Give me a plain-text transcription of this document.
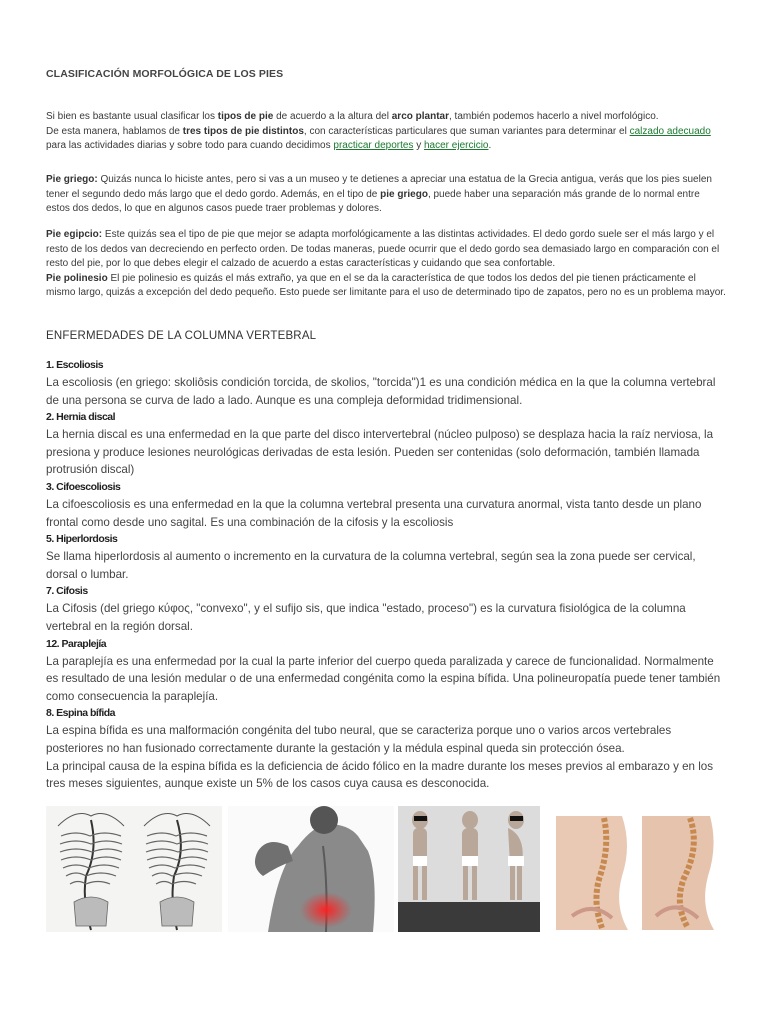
CLASIFICACIÓN MORFOLÓGICA DE LOS PIES
Si bien es bastante usual clasificar los tipos de pie de acuerdo a la altura del arco plantar, también podemos hacerlo a nivel morfológico.
De esta manera, hablamos de tres tipos de pie distintos, con características particulares que suman variantes para determinar el calzado adecuado para las actividades diarias y sobre todo para cuando decidimos practicar deportes y hacer ejercicio.
Pie griego: Quizás nunca lo hiciste antes, pero si vas a un museo y te detienes a apreciar una estatua de la Grecia antigua, verás que los pies suelen tener el segundo dedo más largo que el dedo gordo. Además, en el tipo de pie griego, puede haber una separación más grande de lo normal entre estos dos dedos, lo que en algunos casos puede traer problemas y dolores.
Pie egipcio: Este quizás sea el tipo de pie que mejor se adapta morfológicamente a las distintas actividades. El dedo gordo suele ser el más largo y el resto de los dedos van decreciendo en perfecto orden. De todas maneras, puede ocurrir que el dedo gordo sea demasiado largo en comparación con el resto del pie, por lo que debes elegir el calzado de acuerdo a estas características y cuidando que sea confortable.
Pie polinesio El pie polinesio es quizás el más extraño, ya que en el se da la característica de que todos los dedos del pie tienen prácticamente el mismo largo, quizás a excepción del dedo pequeño. Esto puede ser limitante para el uso de determinado tipo de zapatos, pero no es un problema mayor.
ENFERMEDADES DE LA COLUMNA VERTEBRAL
1. Escoliosis
La escoliosis (en griego: skoliôsis condición torcida, de skolios, "torcida")1 es una condición médica en la que la columna vertebral de una persona se curva de lado a lado. Aunque es una compleja deformidad tridimensional.
2. Hernia discal
La hernia discal es una enfermedad en la que parte del disco intervertebral (núcleo pulposo) se desplaza hacia la raíz nerviosa, la presiona y produce lesiones neurológicas derivadas de esta lesión. Pueden ser contenidas (solo deformación, también llamada protrusión discal)
3. Cifoescoliosis
La cifoescoliosis es una enfermedad en la que la columna vertebral presenta una curvatura anormal, vista tanto desde un plano frontal como desde uno sagital. Es una combinación de la cifosis y la escoliosis
5. Hiperlordosis
Se llama hiperlordosis al aumento o incremento en la curvatura de la columna vertebral, según sea la zona puede ser cervical, dorsal o lumbar.
7. Cifosis
La Cifosis (del griego κύφος, "convexo", y el sufijo sis, que indica "estado, proceso") es la curvatura fisiológica de la columna vertebral en la región dorsal.
12. Paraplejía
La paraplejía es una enfermedad por la cual la parte inferior del cuerpo queda paralizada y carece de funcionalidad. Normalmente es resultado de una lesión medular o de una enfermedad congénita como la espina bífida. Una polineuropatía puede tener también como consecuencia la paraplejía.
8. Espina bífida
La espina bífida es una malformación congénita del tubo neural, que se caracteriza porque uno o varios arcos vertebrales posteriores no han fusionado correctamente durante la gestación y la médula espinal queda sin protección ósea.
La principal causa de la espina bífida es la deficiencia de ácido fólico en la madre durante los meses previos al embarazo y en los tres meses siguientes, aunque existe un 5% de los casos cuya causa es desconocida.
